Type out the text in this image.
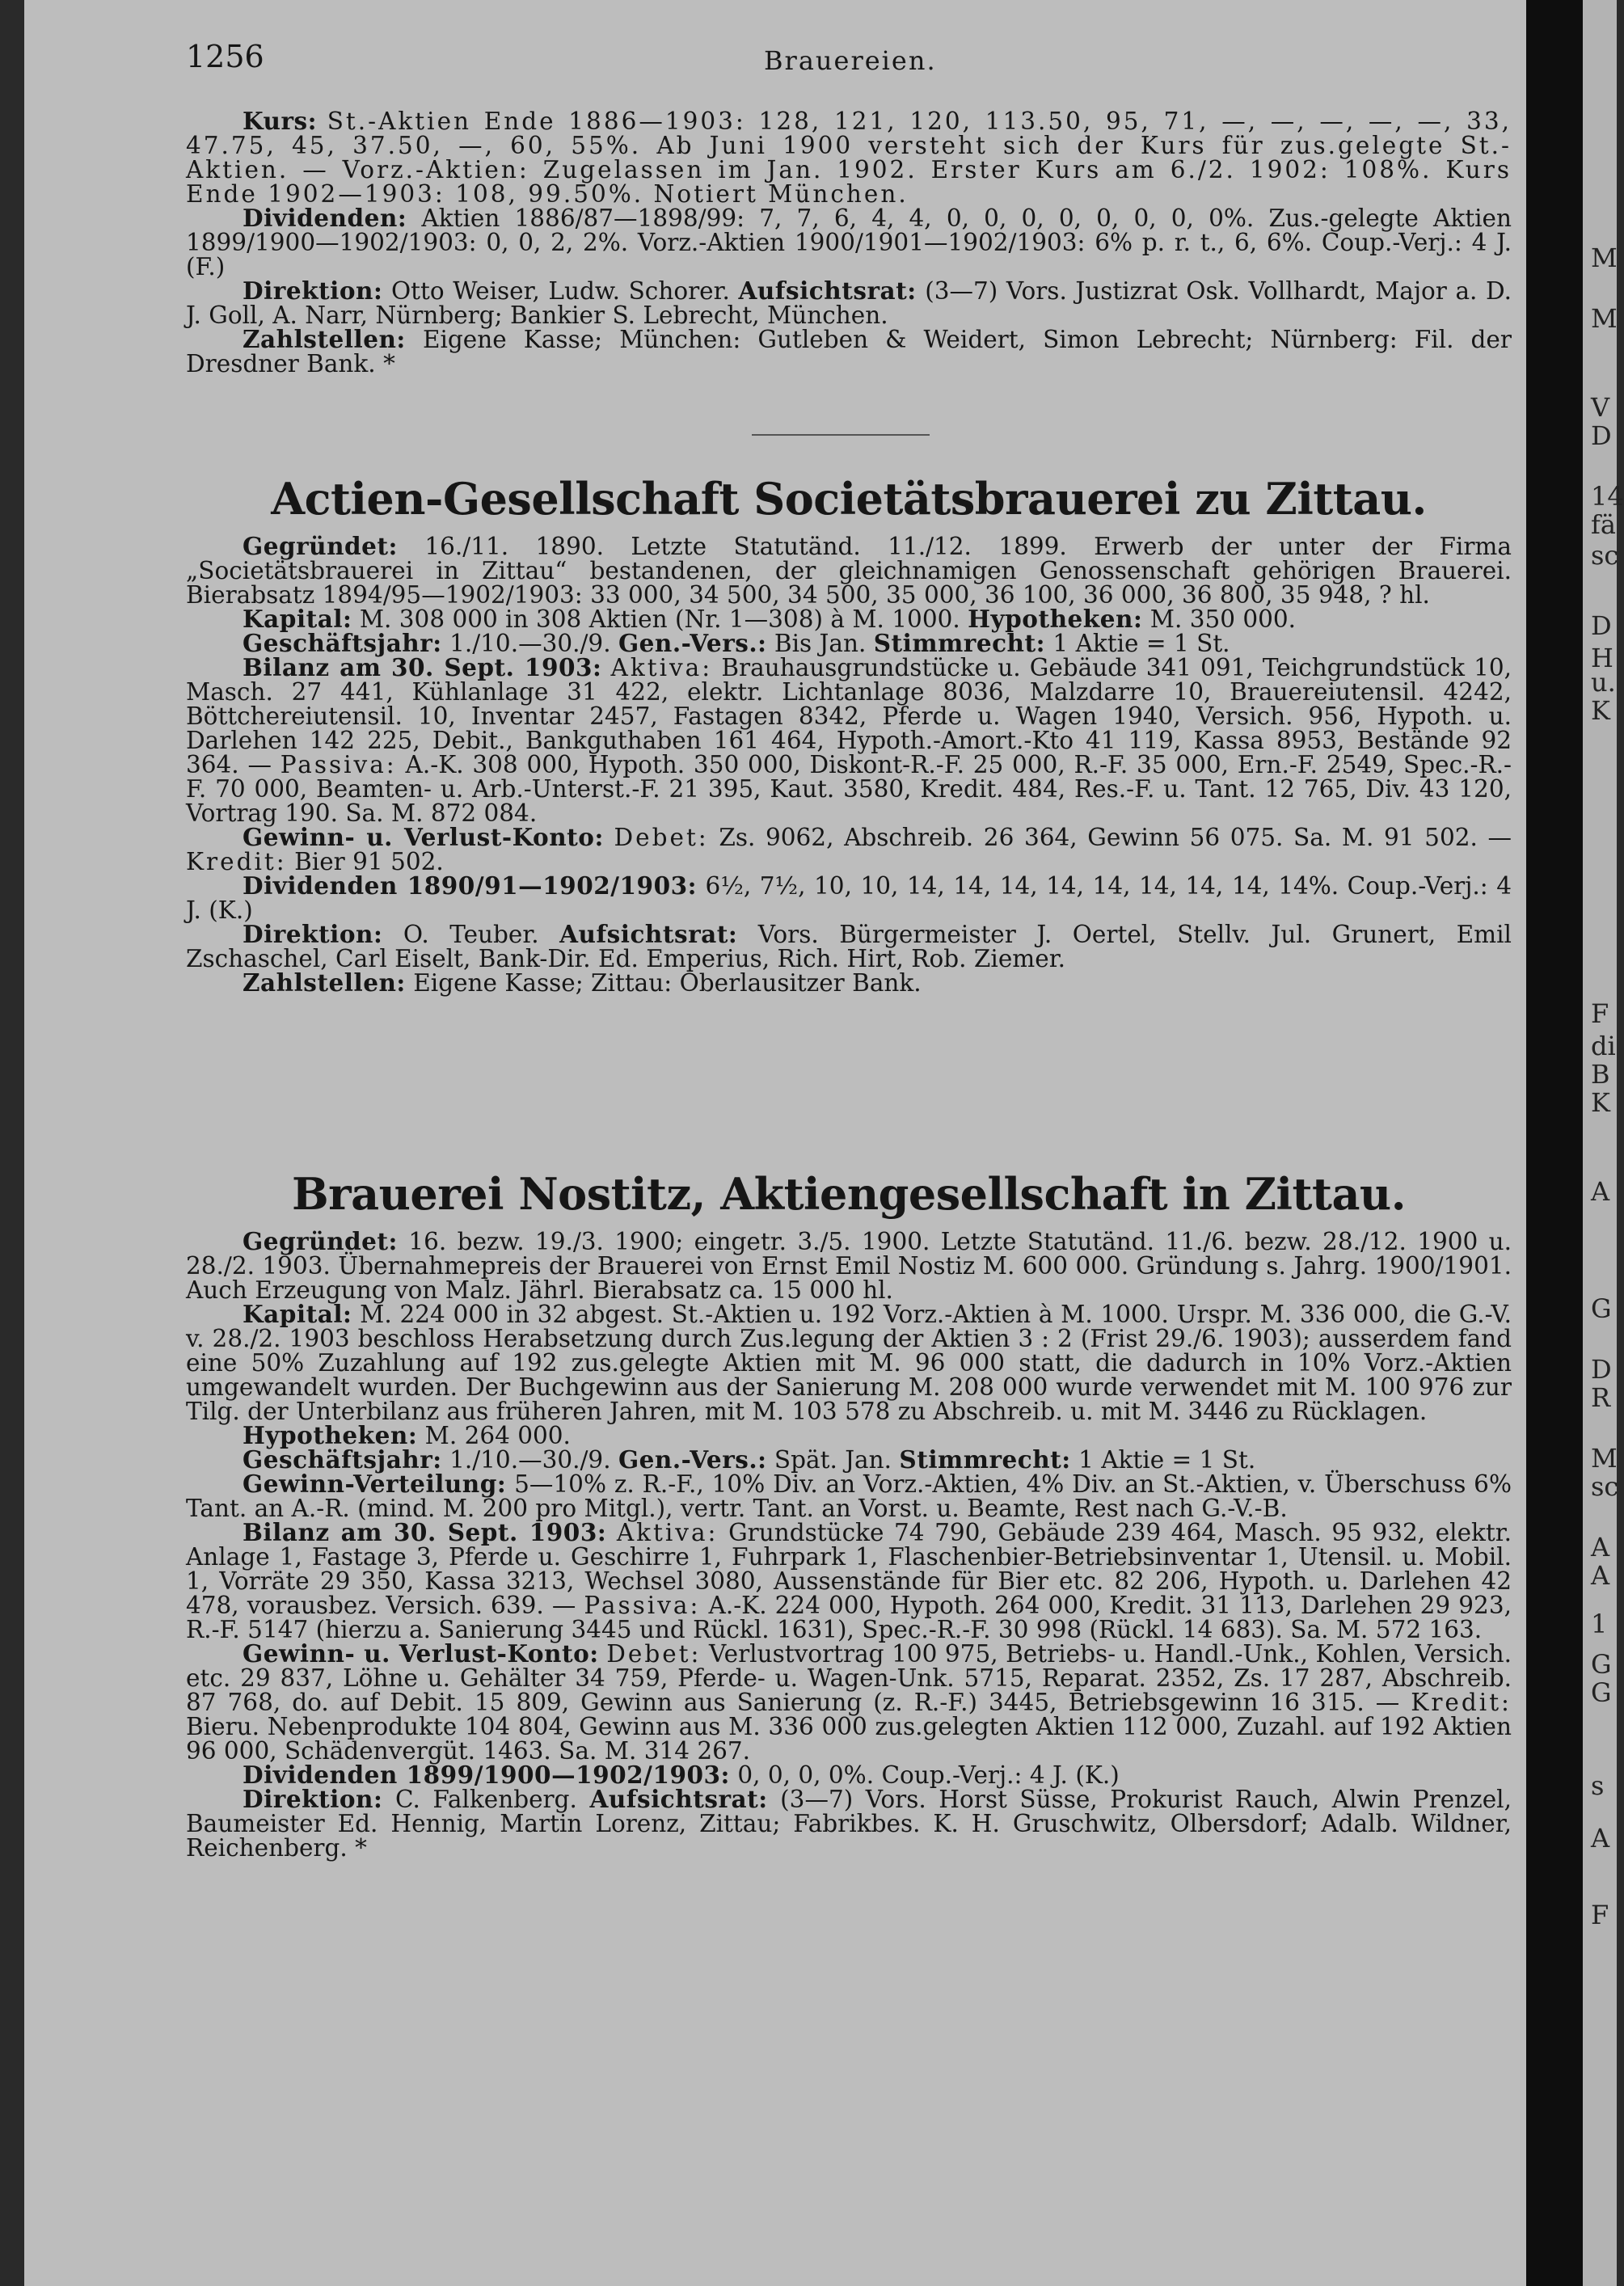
1256	Brauereien.

Kurs: St.-Aktien Ende 1886—1903: 128, 121, 120, 113.50, 95, 71, —, —, —, —, —, 33, 47.75, 45, 37.50, —, 60, 55%. Ab Juni 1900 versteht sich der Kurs für zus.gelegte St.-Aktien. — Vorz.-Aktien: Zugelassen im Jan. 1902. Erster Kurs am 6./2. 1902: 108%. Kurs Ende 1902—1903: 108, 99.50%. Notiert München.

Dividenden: Aktien 1886/87—1898/99: 7, 7, 6, 4, 4, 0, 0, 0, 0, 0, 0, 0, 0%. Zus.-gelegte Aktien 1899/1900—1902/1903: 0, 0, 2, 2%. Vorz.-Aktien 1900/1901—1902/1903: 6% p. r. t., 6, 6%. Coup.-Verj.: 4 J. (F.)

Direktion: Otto Weiser, Ludw. Schorer. Aufsichtsrat: (3—7) Vors. Justizrat Osk. Vollhardt, Major a. D. J. Goll, A. Narr, Nürnberg; Bankier S. Lebrecht, München.

Zahlstellen: Eigene Kasse; München: Gutleben & Weidert, Simon Lebrecht; Nürnberg: Fil. der Dresdner Bank. *

Actien-Gesellschaft Societätsbrauerei zu Zittau.

Gegründet: 16./11. 1890. Letzte Statutänd. 11./12. 1899. Erwerb der unter der Firma „Societätsbrauerei in Zittau“ bestandenen, der gleichnamigen Genossenschaft gehörigen Brauerei. Bierabsatz 1894/95—1902/1903: 33 000, 34 500, 34 500, 35 000, 36 100, 36 000, 36 800, 35 948, ? hl.

Kapital: M. 308 000 in 308 Aktien (Nr. 1—308) à M. 1000. Hypotheken: M. 350 000.

Geschäftsjahr: 1./10.—30./9. Gen.-Vers.: Bis Jan. Stimmrecht: 1 Aktie = 1 St.

Bilanz am 30. Sept. 1903: Aktiva: Brauhausgrundstücke u. Gebäude 341 091, Teichgrundstück 10, Masch. 27 441, Kühlanlage 31 422, elektr. Lichtanlage 8036, Malzdarre 10, Brauereiutensil. 4242, Böttchereiutensil. 10, Inventar 2457, Fastagen 8342, Pferde u. Wagen 1940, Versich. 956, Hypoth. u. Darlehen 142 225, Debit., Bankguthaben 161 464, Hypoth.-Amort.-Kto 41 119, Kassa 8953, Bestände 92 364. — Passiva: A.-K. 308 000, Hypoth. 350 000, Diskont-R.-F. 25 000, R.-F. 35 000, Ern.-F. 2549, Spec.-R.-F. 70 000, Beamten- u. Arb.-Unterst.-F. 21 395, Kaut. 3580, Kredit. 484, Res.-F. u. Tant. 12 765, Div. 43 120, Vortrag 190. Sa. M. 872 084.

Gewinn- u. Verlust-Konto: Debet: Zs. 9062, Abschreib. 26 364, Gewinn 56 075. Sa. M. 91 502. — Kredit: Bier 91 502.

Dividenden 1890/91—1902/1903: 6½, 7½, 10, 10, 14, 14, 14, 14, 14, 14, 14, 14, 14%. Coup.-Verj.: 4 J. (K.)

Direktion: O. Teuber. Aufsichtsrat: Vors. Bürgermeister J. Oertel, Stellv. Jul. Grunert, Emil Zschaschel, Carl Eiselt, Bank-Dir. Ed. Emperius, Rich. Hirt, Rob. Ziemer.

Zahlstellen: Eigene Kasse; Zittau: Oberlausitzer Bank.

Brauerei Nostitz, Aktiengesellschaft in Zittau.

Gegründet: 16. bezw. 19./3. 1900; eingetr. 3./5. 1900. Letzte Statutänd. 11./6. bezw. 28./12. 1900 u. 28./2. 1903. Übernahmepreis der Brauerei von Ernst Emil Nostiz M. 600 000. Gründung s. Jahrg. 1900/1901. Auch Erzeugung von Malz. Jährl. Bierabsatz ca. 15 000 hl.

Kapital: M. 224 000 in 32 abgest. St.-Aktien u. 192 Vorz.-Aktien à M. 1000. Urspr. M. 336 000, die G.-V. v. 28./2. 1903 beschloss Herabsetzung durch Zus.legung der Aktien 3 : 2 (Frist 29./6. 1903); ausserdem fand eine 50% Zuzahlung auf 192 zus.gelegte Aktien mit M. 96 000 statt, die dadurch in 10% Vorz.-Aktien umgewandelt wurden. Der Buchgewinn aus der Sanierung M. 208 000 wurde verwendet mit M. 100 976 zur Tilg. der Unterbilanz aus früheren Jahren, mit M. 103 578 zu Abschreib. u. mit M. 3446 zu Rücklagen.

Hypotheken: M. 264 000.

Geschäftsjahr: 1./10.—30./9. Gen.-Vers.: Spät. Jan. Stimmrecht: 1 Aktie = 1 St.

Gewinn-Verteilung: 5—10% z. R.-F., 10% Div. an Vorz.-Aktien, 4% Div. an St.-Aktien, v. Überschuss 6% Tant. an A.-R. (mind. M. 200 pro Mitgl.), vertr. Tant. an Vorst. u. Beamte, Rest nach G.-V.-B.

Bilanz am 30. Sept. 1903: Aktiva: Grundstücke 74 790, Gebäude 239 464, Masch. 95 932, elektr. Anlage 1, Fastage 3, Pferde u. Geschirre 1, Fuhrpark 1, Flaschenbier-Betriebsinventar 1, Utensil. u. Mobil. 1, Vorräte 29 350, Kassa 3213, Wechsel 3080, Aussenstände für Bier etc. 82 206, Hypoth. u. Darlehen 42 478, vorausbez. Versich. 639. — Passiva: A.-K. 224 000, Hypoth. 264 000, Kredit. 31 113, Darlehen 29 923, R.-F. 5147 (hierzu a. Sanierung 3445 und Rückl. 1631), Spec.-R.-F. 30 998 (Rückl. 14 683). Sa. M. 572 163.

Gewinn- u. Verlust-Konto: Debet: Verlustvortrag 100 975, Betriebs- u. Handl.-Unk., Kohlen, Versich. etc. 29 837, Löhne u. Gehälter 34 759, Pferde- u. Wagen-Unk. 5715, Reparat. 2352, Zs. 17 287, Abschreib. 87 768, do. auf Debit. 15 809, Gewinn aus Sanierung (z. R.-F.) 3445, Betriebsgewinn 16 315. — Kredit: Bieru. Nebenprodukte 104 804, Gewinn aus M. 336 000 zus.gelegten Aktien 112 000, Zuzahl. auf 192 Aktien 96 000, Schädenvergüt. 1463. Sa. M. 314 267.

Dividenden 1899/1900—1902/1903: 0, 0, 0, 0%. Coup.-Verj.: 4 J. (K.)

Direktion: C. Falkenberg. Aufsichtsrat: (3—7) Vors. Horst Süsse, Prokurist Rauch, Alwin Prenzel, Baumeister Ed. Hennig, Martin Lorenz, Zittau; Fabrikbes. K. H. Gruschwitz, Olbersdorf; Adalb. Wildner, Reichenberg. *

M
M
V
D
14
fä
sc
D
H
u.
K
F
di
B
K
A
G
D
R
M
sc
A
A
1
G
G
s
A
F
